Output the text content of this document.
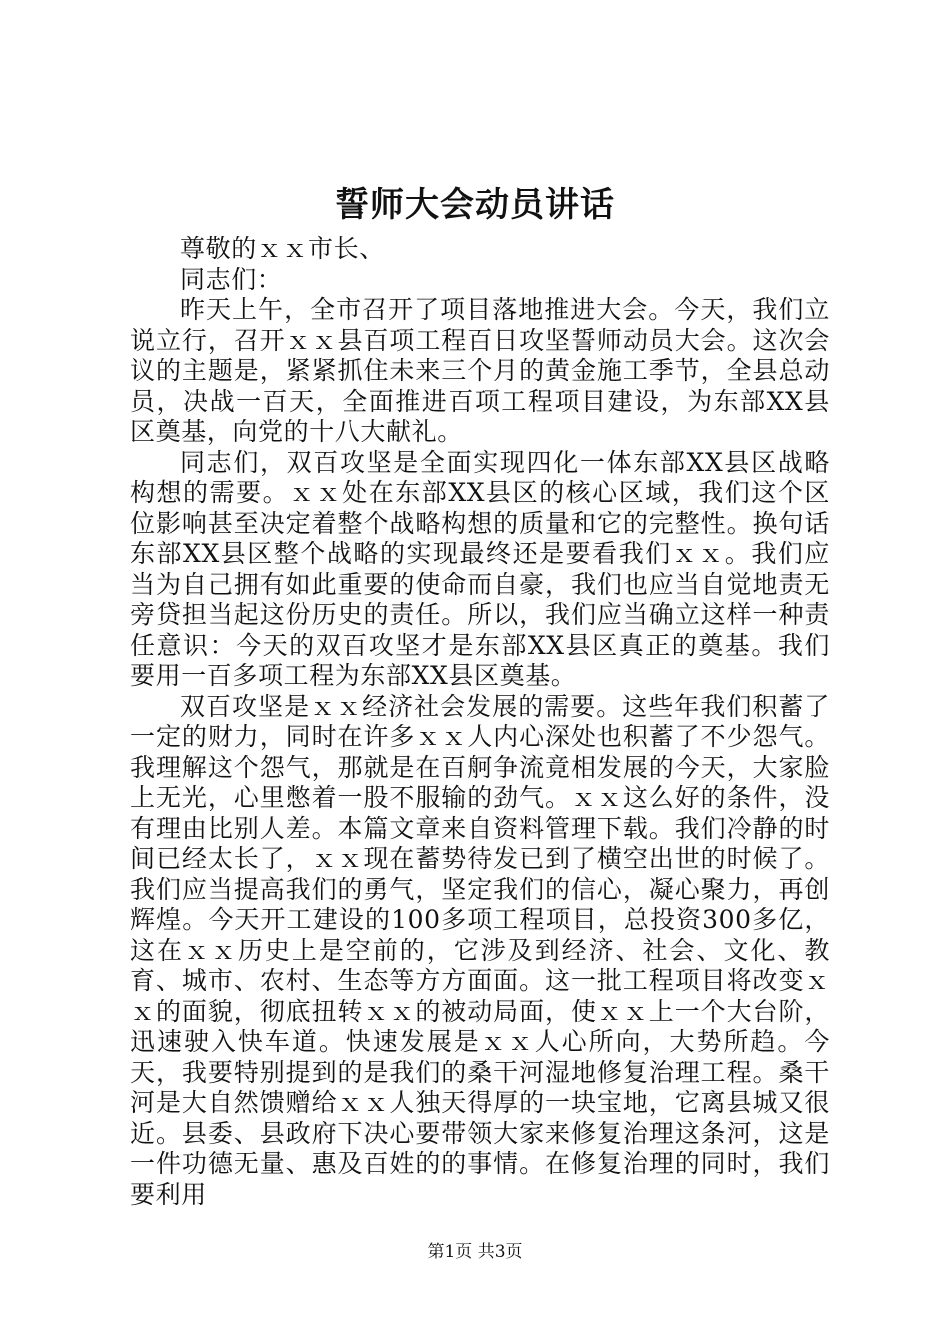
誓师大会动员讲话

尊敬的ｘｘ市长、

同志们：

昨天上午，全市召开了项目落地推进大会。今天，我们立说立行，召开ｘｘ县百项工程百日攻坚誓师动员大会。这次会议的主题是，紧紧抓住未来三个月的黄金施工季节，全县总动员，决战一百天，全面推进百项工程项目建设，为东部XX县区奠基，向党的十八大献礼。

同志们，双百攻坚是全面实现四化一体东部XX县区战略构想的需要。ｘｘ处在东部XX县区的核心区域，我们这个区位影响甚至决定着整个战略构想的质量和它的完整性。换句话东部XX县区整个战略的实现最终还是要看我们ｘｘ。我们应当为自己拥有如此重要的使命而自豪，我们也应当自觉地责无旁贷担当起这份历史的责任。所以，我们应当确立这样一种责任意识：今天的双百攻坚才是东部XX县区真正的奠基。我们要用一百多项工程为东部XX县区奠基。

双百攻坚是ｘｘ经济社会发展的需要。这些年我们积蓄了一定的财力，同时在许多ｘｘ人内心深处也积蓄了不少怨气。我理解这个怨气，那就是在百舸争流竟相发展的今天，大家脸上无光，心里憋着一股不服输的劲气。ｘｘ这么好的条件，没有理由比别人差。本篇文章来自资料管理下载。我们冷静的时间已经太长了，ｘｘ现在蓄势待发已到了横空出世的时候了。我们应当提高我们的勇气，坚定我们的信心，凝心聚力，再创辉煌。今天开工建设的100多项工程项目，总投资300多亿，这在ｘｘ历史上是空前的，它涉及到经济、社会、文化、教育、城市、农村、生态等方方面面。这一批工程项目将改变ｘｘ的面貌，彻底扭转ｘｘ的被动局面，使ｘｘ上一个大台阶，迅速驶入快车道。快速发展是ｘｘ人心所向，大势所趋。今天，我要特别提到的是我们的桑干河湿地修复治理工程。桑干河是大自然馈赠给ｘｘ人独天得厚的一块宝地，它离县城又很近。县委、县政府下决心要带领大家来修复治理这条河，这是一件功德无量、惠及百姓的的事情。在修复治理的同时，我们要利用

第1页 共3页
